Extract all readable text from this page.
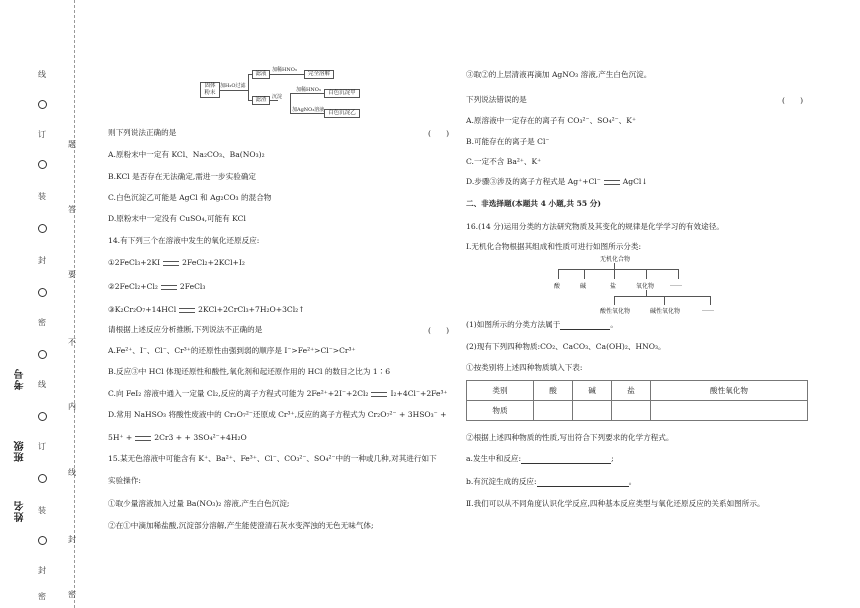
线
订
装
封
密
线
订
装
封
密
题
答
要
不
内
线
封
密
考号
班级
姓名
固体粉末
加H₂O过滤
滤液
滤渣
加稀HNO₃
完全溶解
沉淀
加稀HNO₃	白色沉淀甲
加AgNO₃溶液 白色沉淀乙
则下列说法正确的是	(　　)
A.原粉末中一定有 KCl、Na₂CO₃、Ba(NO₃)₂
B.KCl 是否存在无法确定,需进一步实验确定
C.白色沉淀乙可能是 AgCl 和 Ag₂CO₃ 的混合物
D.原粉末中一定没有 CuSO₄,可能有 KCl
14.有下列三个在溶液中发生的氧化还原反应:
①2FeCl₃+2KI	2FeCl₂+2KCl+I₂
②2FeCl₂+Cl₂	2FeCl₃
③K₂Cr₂O₇+14HCl	2KCl+2CrCl₃+7H₂O+3Cl₂↑
请根据上述反应分析推断,下列说法不正确的是	(　　)
A.Fe²⁺、I⁻、Cl⁻、Cr³⁺的还原性由强到弱的顺序是 I⁻>Fe²⁺>Cl⁻>Cr³⁺
B.反应③中 HCl 体现还原性和酸性,氧化剂和起还原作用的 HCl 的数目之比为 1∶6
C.向 FeI₂ 溶液中通入一定量 Cl₂,反应的离子方程式可能为 2Fe²⁺+2I⁻+2Cl₂	I₂+4Cl⁻+2Fe³⁺
D.常用 NaHSO₃ 将酸性废液中的 Cr₂O₇²⁻还原成 Cr³⁺,反应的离子方程式为 Cr₂O₇²⁻ + 3HSO₃⁻ +
5H⁺ +	2Cr3 + + 3SO₄²⁻+4H₂O
15.某无色溶液中可能含有 K⁺、Ba²⁺、Fe³⁺、Cl⁻、CO₃²⁻、SO₄²⁻中的一种或几种,对其进行如下
实验操作:
①取少量溶液加入过量 Ba(NO₃)₂ 溶液,产生白色沉淀;
②在①中滴加稀盐酸,沉淀部分溶解,产生能使澄清石灰水变浑浊的无色无味气体;
③取②的上层清液再滴加 AgNO₃ 溶液,产生白色沉淀。
下列说法错误的是	(　　)
A.原溶液中一定存在的离子有 CO₃²⁻、SO₄²⁻、K⁺
B.可能存在的离子是 Cl⁻
C.一定不含 Ba²⁺、K⁺
D.步骤③涉及的离子方程式是 Ag⁺+Cl⁻	AgCl↓
二、非选择题(本题共 4 小题,共 55 分)
16.(14 分)运用分类的方法研究物质及其变化的规律是化学学习的有效途径。
Ⅰ.无机化合物根据其组成和性质可进行如图所示分类:
无机化合物
酸	碱	盐	氧化物	……
酸性氧化物	碱性氧化物	……
(1)如图所示的分类方法属于	。
(2)现有下列四种物质:CO₂、CaCO₃、Ca(OH)₂、HNO₃。
①按类别将上述四种物质填入下表:
类别	酸	碱	盐	酸性氧化物
物质				
②根据上述四种物质的性质,写出符合下列要求的化学方程式。
a.发生中和反应:	;
b.有沉淀生成的反应:	。
Ⅱ.我们可以从不同角度认识化学反应,四种基本反应类型与氧化还原反应的关系如图所示。
